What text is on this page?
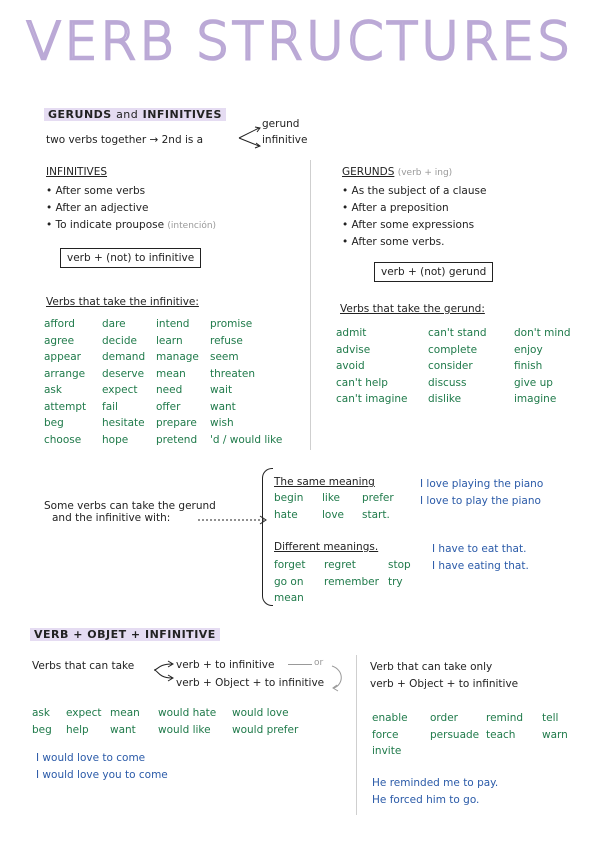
VERB STRUCTURES
GERUNDS and INFINITIVES
two verbs together → 2nd is a
gerund
infinitive
INFINITIVES
• After some verbs
• After an adjective
• To indicate proupose (intención)
verb + (not) to infinitive
Verbs that take the infinitive:
afford	dare	intend	promise
agree	decide	learn	refuse
appear	demand	manage	seem
arrange	deserve	mean	threaten
ask	expect	need	wait
attempt	fail	offer	want
beg	hesitate	prepare	wish
choose	hope	pretend	'd / would like
GERUNDS (verb + ing)
• As the subject of a clause
• After a preposition
• After some expressions
• After some verbs.
verb + (not) gerund
Verbs that take the gerund:
admit	can't stand	don't mind
advise	complete	enjoy
avoid	consider	finish
can't help	discuss	give up
can't imagine	dislike	imagine
Some verbs can take the gerund
and the infinitive with:
The same meaning
begin	like	prefer
hate	love	start.
I love playing the piano
I love to play the piano
Different meanings.
forget	regret	stop
go on	remember try
mean
I have to eat that.
I have eating that.
VERB + OBJET + INFINITIVE
Verbs that can take	verb + to infinitive	or
verb + Object + to infinitive
ask	expect mean	would hate	would love
beg	help	want	would like	would prefer
I would love to come
I would love you to come
Verb that can take only
verb + Object + to infinitive
enable	order	remind	tell
force	persuade teach	warn
invite
He reminded me to pay.
He forced him to go.
